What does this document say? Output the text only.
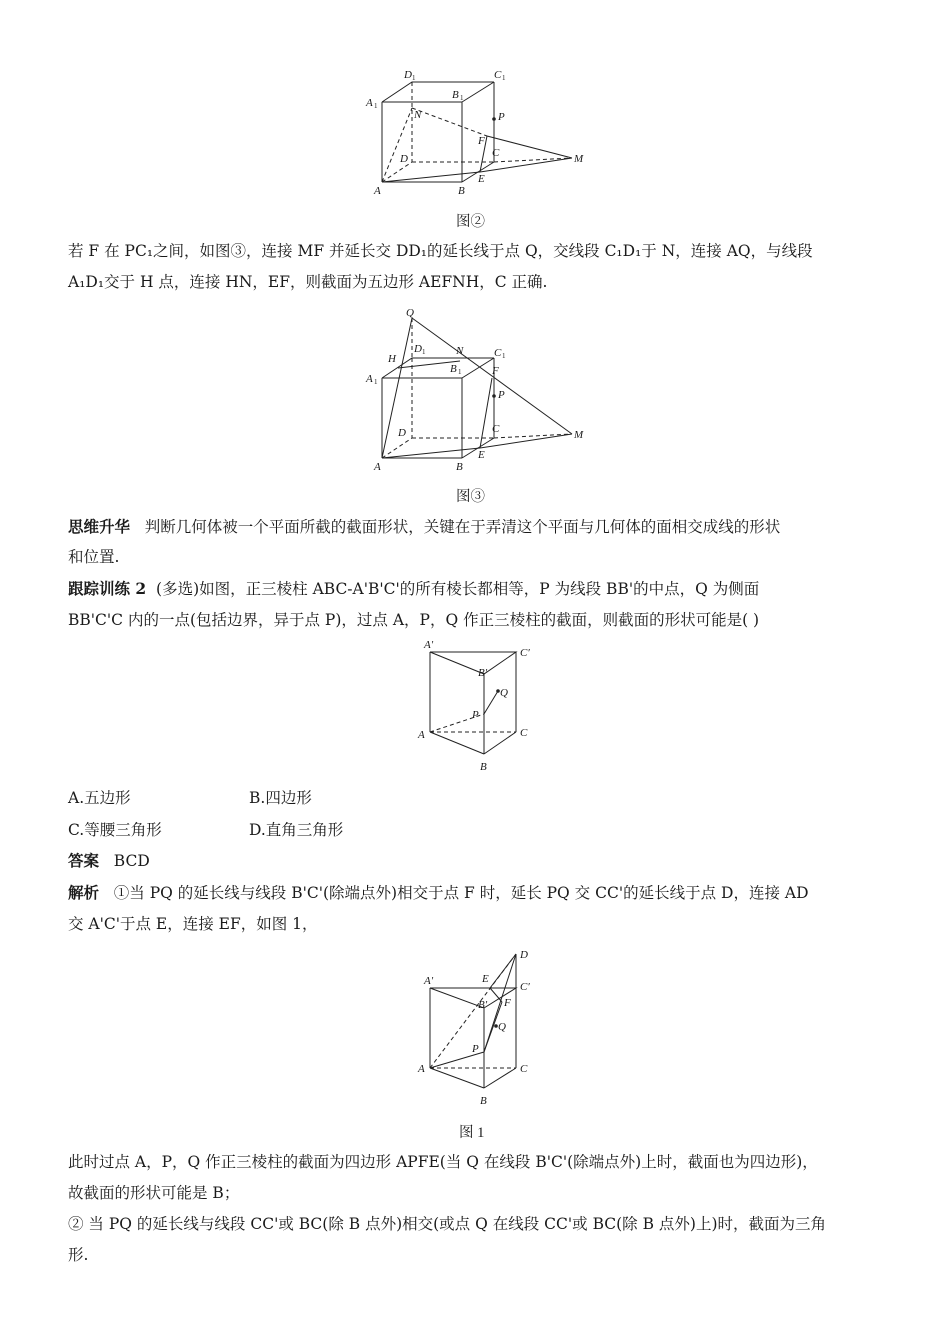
D 1	C 1
A 1
B 1
N	P
F
D	C	M
A	B
E
图②
若 F 在 PC₁之间，如图③，连接 MF 并延长交 DD₁的延长线于点 Q，交线段 C₁D₁于 N，连接 AQ，与线段
A₁D₁交于 H 点，连接 HN，EF，则截面为五边形 AEFNH，C 正确.
Q
H
D 1	N	C 1
A 1
B 1	F
P
D	C	M
A	B
E
图③
思维升华 判断几何体被一个平面所截的截面形状，关键在于弄清这个平面与几何体的面相交成线的形状
和位置.
跟踪训练 2 (多选)如图，正三棱柱 ABC-A'B'C'的所有棱长都相等，P 为线段 BB'的中点，Q 为侧面
BB'C'C 内的一点(包括边界，异于点 P)，过点 A，P，Q 作正三棱柱的截面，则截面的形状可能是( )
A′
B′
C′
Q
P
A	C
B
A.五边形	B.四边形
C.等腰三角形	D.直角三角形
答案 BCD
解析 ①当 PQ 的延长线与线段 B'C'(除端点外)相交于点 F 时，延长 PQ 交 CC'的延长线于点 D，连接 AD
交 A'C'于点 E，连接 EF，如图 1，
D
A′	E
C′
B′ F
Q
P
A	C
B
图 1
此时过点 A，P，Q 作正三棱柱的截面为四边形 APFE(当 Q 在线段 B'C'(除端点外)上时，截面也为四边形)，
故截面的形状可能是 B；
② 当 PQ 的延长线与线段 CC'或 BC(除 B 点外)相交(或点 Q 在线段 CC'或 BC(除 B 点外)上)时，截面为三角
形.
